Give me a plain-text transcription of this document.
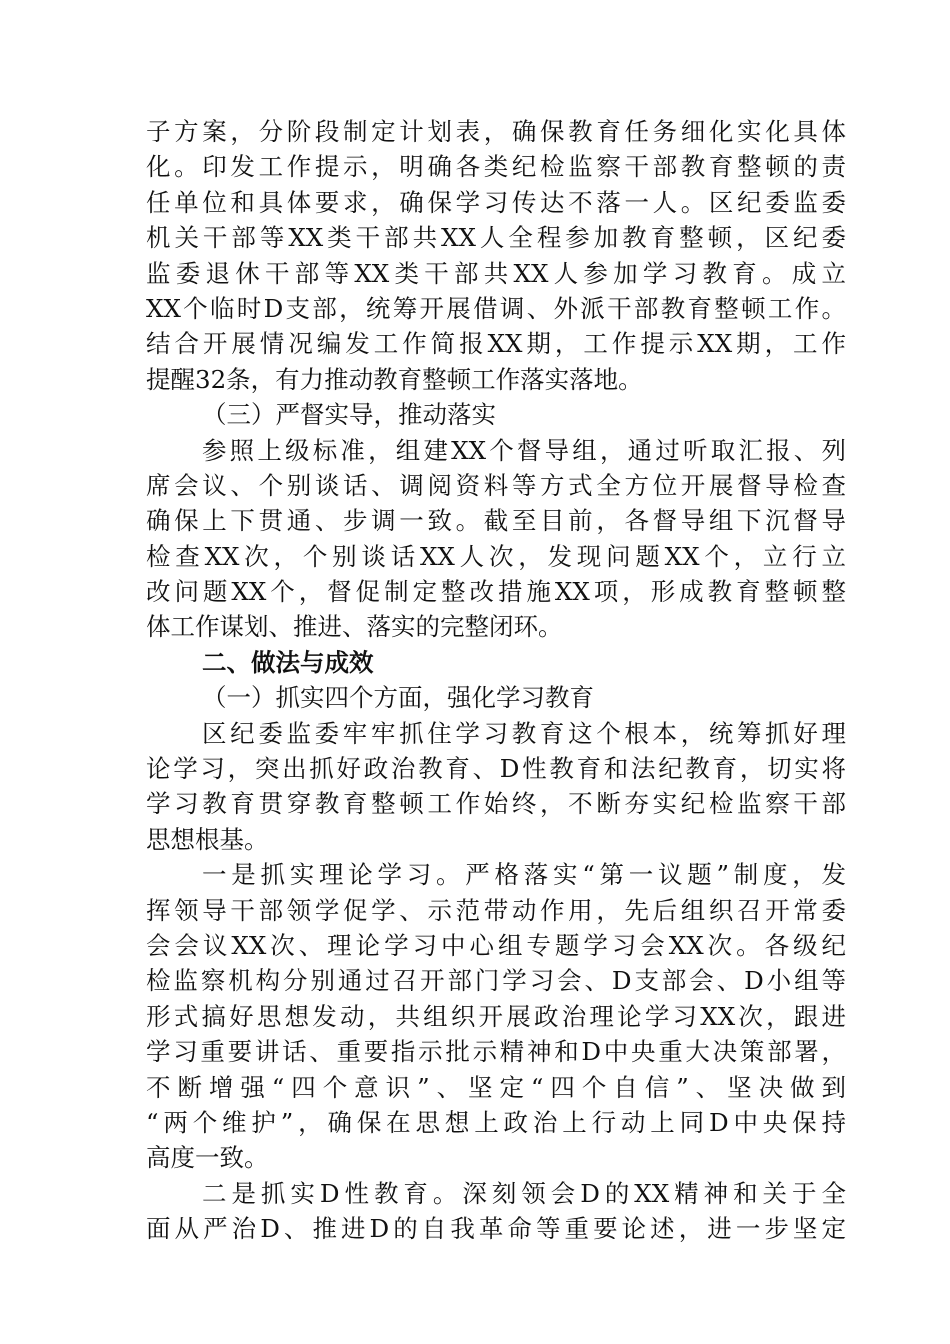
子方案，分阶段制定计划表，确保教育任务细化实化具体
化。印发工作提示，明确各类纪检监察干部教育整顿的责
任单位和具体要求，确保学习传达不落一人。区纪委监委
机关干部等XX类干部共XX人全程参加教育整顿，区纪委
监委退休干部等XX类干部共XX人参加学习教育。成立
XX个临时D支部，统筹开展借调、外派干部教育整顿工作。
结合开展情况编发工作简报XX期，工作提示XX期，工作
提醒32条，有力推动教育整顿工作落实落地。
（三）严督实导，推动落实
参照上级标准，组建XX个督导组，通过听取汇报、列
席会议、个别谈话、调阅资料等方式全方位开展督导检查
确保上下贯通、步调一致。截至目前，各督导组下沉督导
检查XX次，个别谈话XX人次，发现问题XX个，立行立
改问题XX个，督促制定整改措施XX项，形成教育整顿整
体工作谋划、推进、落实的完整闭环。
二、做法与成效
（一）抓实四个方面，强化学习教育
区纪委监委牢牢抓住学习教育这个根本，统筹抓好理
论学习，突出抓好政治教育、D性教育和法纪教育，切实将
学习教育贯穿教育整顿工作始终，不断夯实纪检监察干部
思想根基。
一是抓实理论学习。严格落实“第一议题”制度，发
挥领导干部领学促学、示范带动作用，先后组织召开常委
会会议XX次、理论学习中心组专题学习会XX次。各级纪
检监察机构分别通过召开部门学习会、D支部会、D小组等
形式搞好思想发动，共组织开展政治理论学习XX次，跟进
学习重要讲话、重要指示批示精神和D中央重大决策部署，
不断增强“四个意识”、坚定“四个自信”、坚决做到
“两个维护”，确保在思想上政治上行动上同D中央保持
高度一致。
二是抓实D性教育。深刻领会D的XX精神和关于全
面从严治D、推进D的自我革命等重要论述，进一步坚定
